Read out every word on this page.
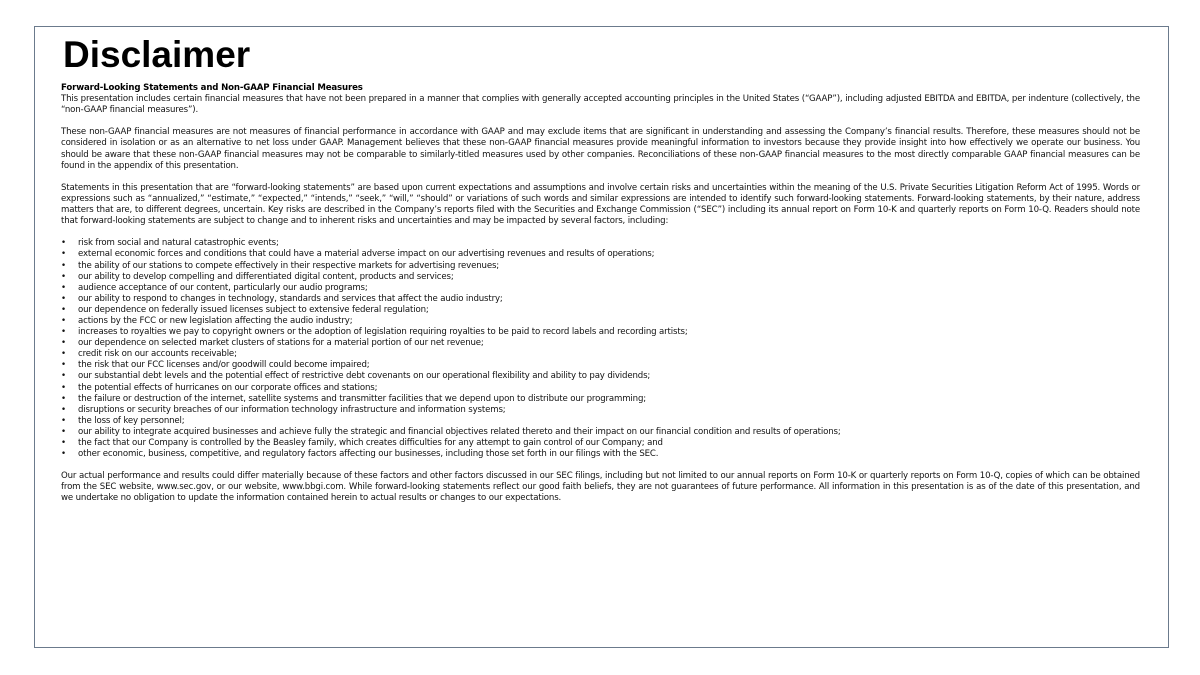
Disclaimer

Forward-Looking Statements and Non-GAAP Financial Measures

This presentation includes certain financial measures that have not been prepared in a manner that complies with generally accepted accounting principles in the United States (“GAAP”), including adjusted EBITDA and EBITDA, per indenture (collectively, the “non-GAAP financial measures”).

These non-GAAP financial measures are not measures of financial performance in accordance with GAAP and may exclude items that are significant in understanding and assessing the Company’s financial results. Therefore, these measures should not be considered in isolation or as an alternative to net loss under GAAP. Management believes that these non-GAAP financial measures provide meaningful information to investors because they provide insight into how effectively we operate our business. You should be aware that these non-GAAP financial measures may not be comparable to similarly-titled measures used by other companies. Reconciliations of these non-GAAP financial measures to the most directly comparable GAAP financial measures can be found in the appendix of this presentation.

Statements in this presentation that are “forward-looking statements” are based upon current expectations and assumptions and involve certain risks and uncertainties within the meaning of the U.S. Private Securities Litigation Reform Act of 1995. Words or expressions such as “annualized,” “estimate,” “expected,” “intends,” “seek,” “will,” “should” or variations of such words and similar expressions are intended to identify such forward-looking statements. Forward-looking statements, by their nature, address matters that are, to different degrees, uncertain. Key risks are described in the Company’s reports filed with the Securities and Exchange Commission (“SEC”) including its annual report on Form 10-K and quarterly reports on Form 10-Q. Readers should note that forward-looking statements are subject to change and to inherent risks and uncertainties and may be impacted by several factors, including:

• risk from social and natural catastrophic events;
• external economic forces and conditions that could have a material adverse impact on our advertising revenues and results of operations;
• the ability of our stations to compete effectively in their respective markets for advertising revenues;
• our ability to develop compelling and differentiated digital content, products and services;
• audience acceptance of our content, particularly our audio programs;
• our ability to respond to changes in technology, standards and services that affect the audio industry;
• our dependence on federally issued licenses subject to extensive federal regulation;
• actions by the FCC or new legislation affecting the audio industry;
• increases to royalties we pay to copyright owners or the adoption of legislation requiring royalties to be paid to record labels and recording artists;
• our dependence on selected market clusters of stations for a material portion of our net revenue;
• credit risk on our accounts receivable;
• the risk that our FCC licenses and/or goodwill could become impaired;
• our substantial debt levels and the potential effect of restrictive debt covenants on our operational flexibility and ability to pay dividends;
• the potential effects of hurricanes on our corporate offices and stations;
• the failure or destruction of the internet, satellite systems and transmitter facilities that we depend upon to distribute our programming;
• disruptions or security breaches of our information technology infrastructure and information systems;
• the loss of key personnel;
• our ability to integrate acquired businesses and achieve fully the strategic and financial objectives related thereto and their impact on our financial condition and results of operations;
• the fact that our Company is controlled by the Beasley family, which creates difficulties for any attempt to gain control of our Company; and
• other economic, business, competitive, and regulatory factors affecting our businesses, including those set forth in our filings with the SEC.

Our actual performance and results could differ materially because of these factors and other factors discussed in our SEC filings, including but not limited to our annual reports on Form 10-K or quarterly reports on Form 10-Q, copies of which can be obtained from the SEC website, www.sec.gov, or our website, www.bbgi.com. While forward-looking statements reflect our good faith beliefs, they are not guarantees of future performance. All information in this presentation is as of the date of this presentation, and we undertake no obligation to update the information contained herein to actual results or changes to our expectations.
